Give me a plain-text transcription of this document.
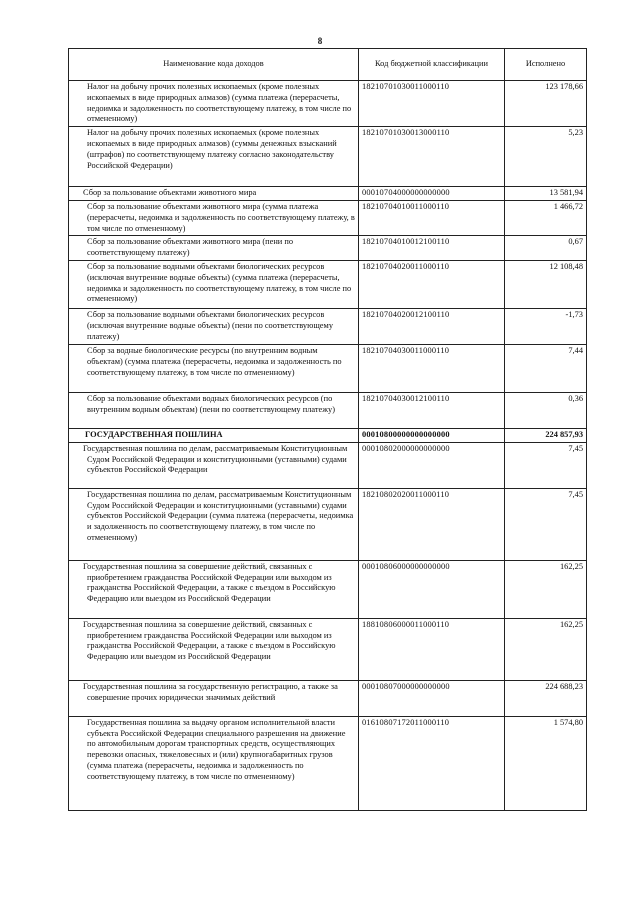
8
Наименование кода доходов	Код бюджетной классификации	Исполнено
Налог на добычу прочих полезных ископаемых (кроме полезных ископаемых в виде природных алмазов) (сумма платежа (перерасчеты, недоимка и задолженность по соответствующему платежу, в том числе по отмененному)	18210701030011000110	123 178,66
Налог на добычу прочих полезных ископаемых (кроме полезных ископаемых в виде природных алмазов) (суммы денежных взысканий (штрафов) по соответствующему платежу согласно законодательству Российской Федерации)	18210701030013000110	5,23
Сбор за пользование объектами животного мира	00010704000000000000	13 581,94
Сбор за пользование объектами животного мира (сумма платежа (перерасчеты, недоимка и задолженность по соответствующему платежу, в том числе по отмененному)	18210704010011000110	1 466,72
Сбор за пользование объектами животного мира (пени по соответствующему платежу)	18210704010012100110	0,67
Сбор за пользование водными объектами биологических ресурсов (исключая внутренние водные объекты) (сумма платежа (перерасчеты, недоимка и задолженность по соответствующему платежу, в том числе по отмененному)	18210704020011000110	12 108,48
Сбор за пользование водными объектами биологических ресурсов (исключая внутренние водные объекты) (пени по соответствующему платежу)	18210704020012100110	-1,73
Сбор за водные биологические ресурсы (по внутренним водным объектам) (сумма платежа (перерасчеты, недоимка и задолженность по соответствующему платежу, в том числе по отмененному)	18210704030011000110	7,44
Сбор за пользование объектами водных биологических ресурсов (по внутренним водным объектам) (пени по соответствующему платежу)	18210704030012100110	0,36
ГОСУДАРСТВЕННАЯ ПОШЛИНА	00010800000000000000	224 857,93
Государственная пошлина по делам, рассматриваемым Конституционным Судом Российской Федерации и конституционными (уставными) судами субъектов Российской Федерации	00010802000000000000	7,45
Государственная пошлина по делам, рассматриваемым Конституционным Судом Российской Федерации и конституционными (уставными) судами субъектов Российской Федерации (сумма платежа (перерасчеты, недоимка и задолженность по соответствующему платежу, в том числе по отмененному)	18210802020011000110	7,45
Государственная пошлина за совершение действий, связанных с приобретением гражданства Российской Федерации или выходом из гражданства Российской Федерации, а также с въездом в Российскую Федерацию или выездом из Российской Федерации	00010806000000000000	162,25
Государственная пошлина за совершение действий, связанных с приобретением гражданства Российской Федерации или выходом из гражданства Российской Федерации, а также с въездом в Российскую Федерацию или выездом из Российской Федерации	18810806000011000110	162,25
Государственная пошлина за государственную регистрацию, а также за совершение прочих юридически значимых действий	00010807000000000000	224 688,23
Государственная пошлина за выдачу органом исполнительной власти субъекта Российской Федерации специального разрешения на движение по автомобильным дорогам транспортных средств, осуществляющих перевозки опасных, тяжеловесных и (или) крупногабаритных грузов (сумма платежа (перерасчеты, недоимка и задолженность по соответствующему платежу, в том числе по отмененному)	01610807172011000110	1 574,80
